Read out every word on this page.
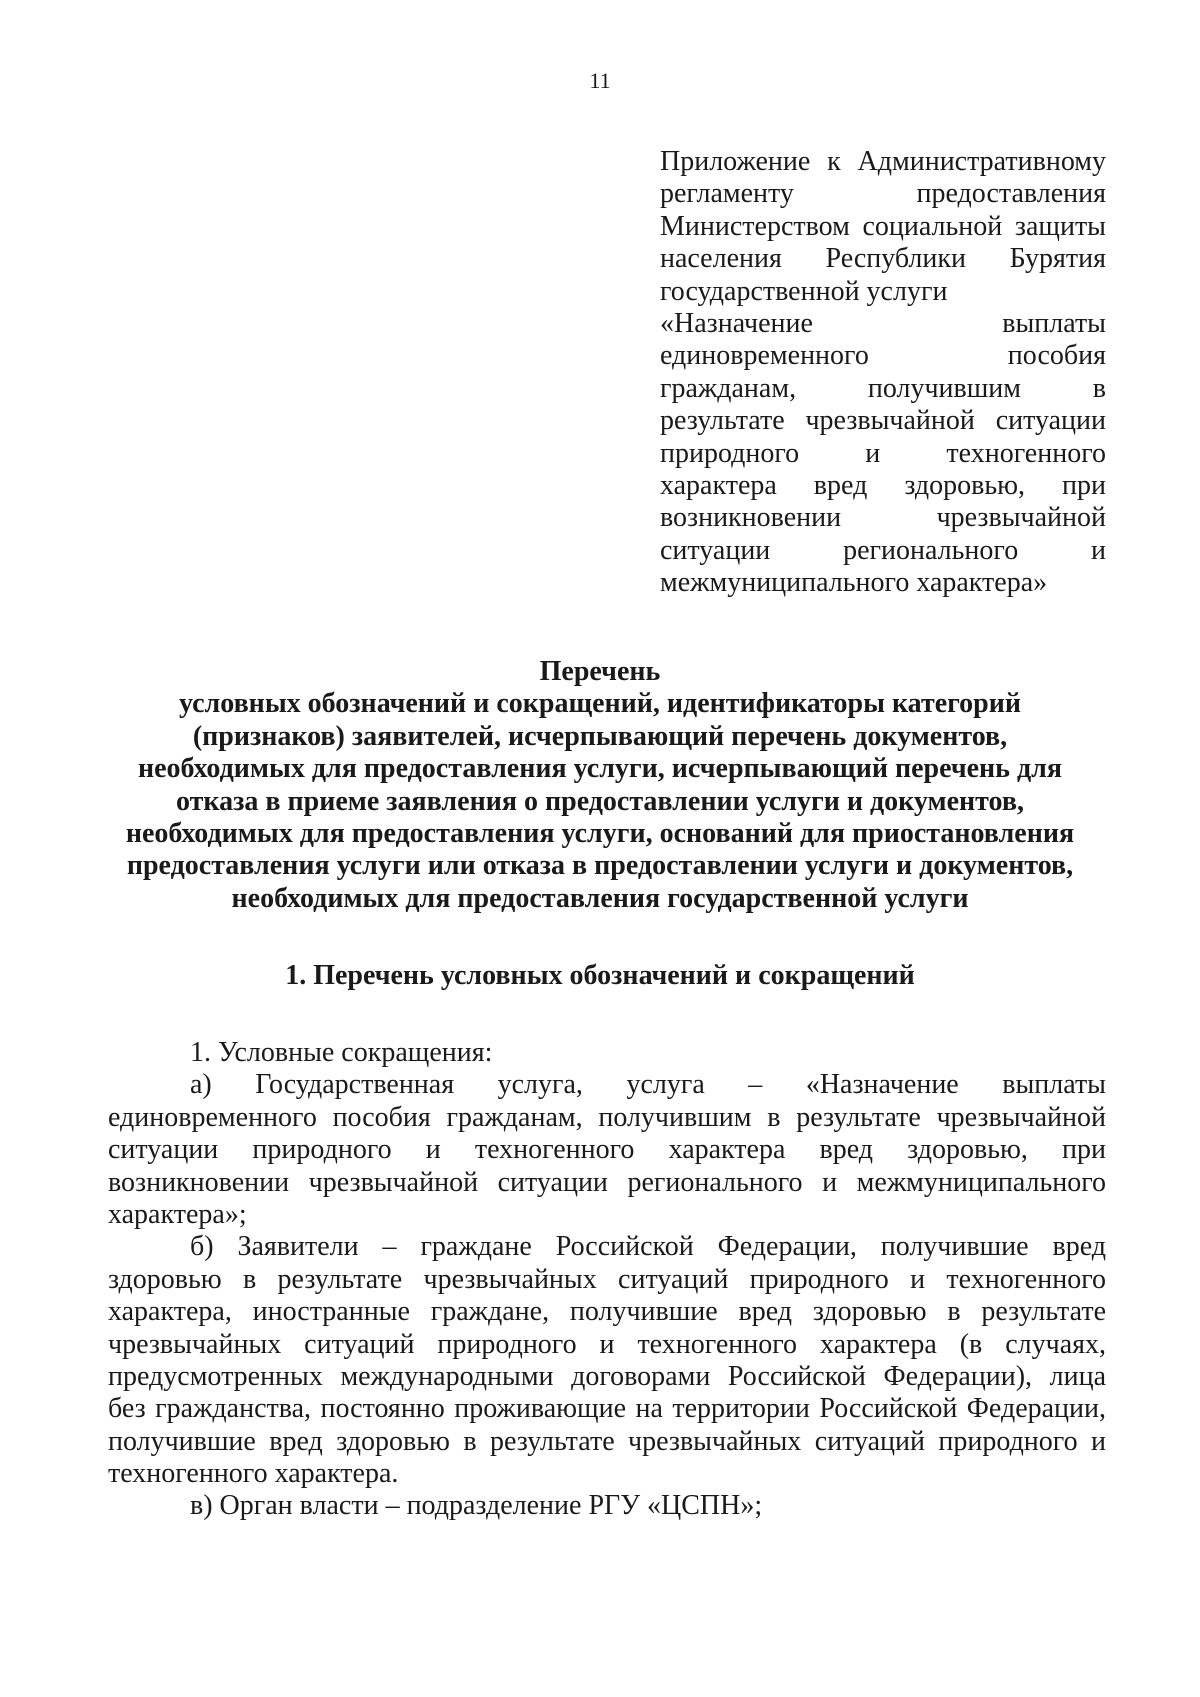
11
Приложение к Административному
регламенту предоставления
Министерством социальной защиты
населения Республики Бурятия
государственной услуги
«Назначение выплаты
единовременного пособия
гражданам, получившим в
результате чрезвычайной ситуации
природного и техногенного
характера вред здоровью, при
возникновении чрезвычайной
ситуации регионального и
межмуниципального характера»
Перечень
условных обозначений и сокращений, идентификаторы категорий
(признаков) заявителей, исчерпывающий перечень документов,
необходимых для предоставления услуги, исчерпывающий перечень для
отказа в приеме заявления о предоставлении услуги и документов,
необходимых для предоставления услуги, оснований для приостановления
предоставления услуги или отказа в предоставлении услуги и документов,
необходимых для предоставления государственной услуги
1. Перечень условных обозначений и сокращений
1. Условные сокращения:
а) Государственная услуга, услуга – «Назначение выплаты
единовременного пособия гражданам, получившим в результате чрезвычайной
ситуации природного и техногенного характера вред здоровью, при
возникновении чрезвычайной ситуации регионального и межмуниципального
характера»;
б) Заявители – граждане Российской Федерации, получившие вред
здоровью в результате чрезвычайных ситуаций природного и техногенного
характера, иностранные граждане, получившие вред здоровью в результате
чрезвычайных ситуаций природного и техногенного характера (в случаях,
предусмотренных международными договорами Российской Федерации), лица
без гражданства, постоянно проживающие на территории Российской Федерации,
получившие вред здоровью в результате чрезвычайных ситуаций природного и
техногенного характера.
в) Орган власти – подразделение РГУ «ЦСПН»;
